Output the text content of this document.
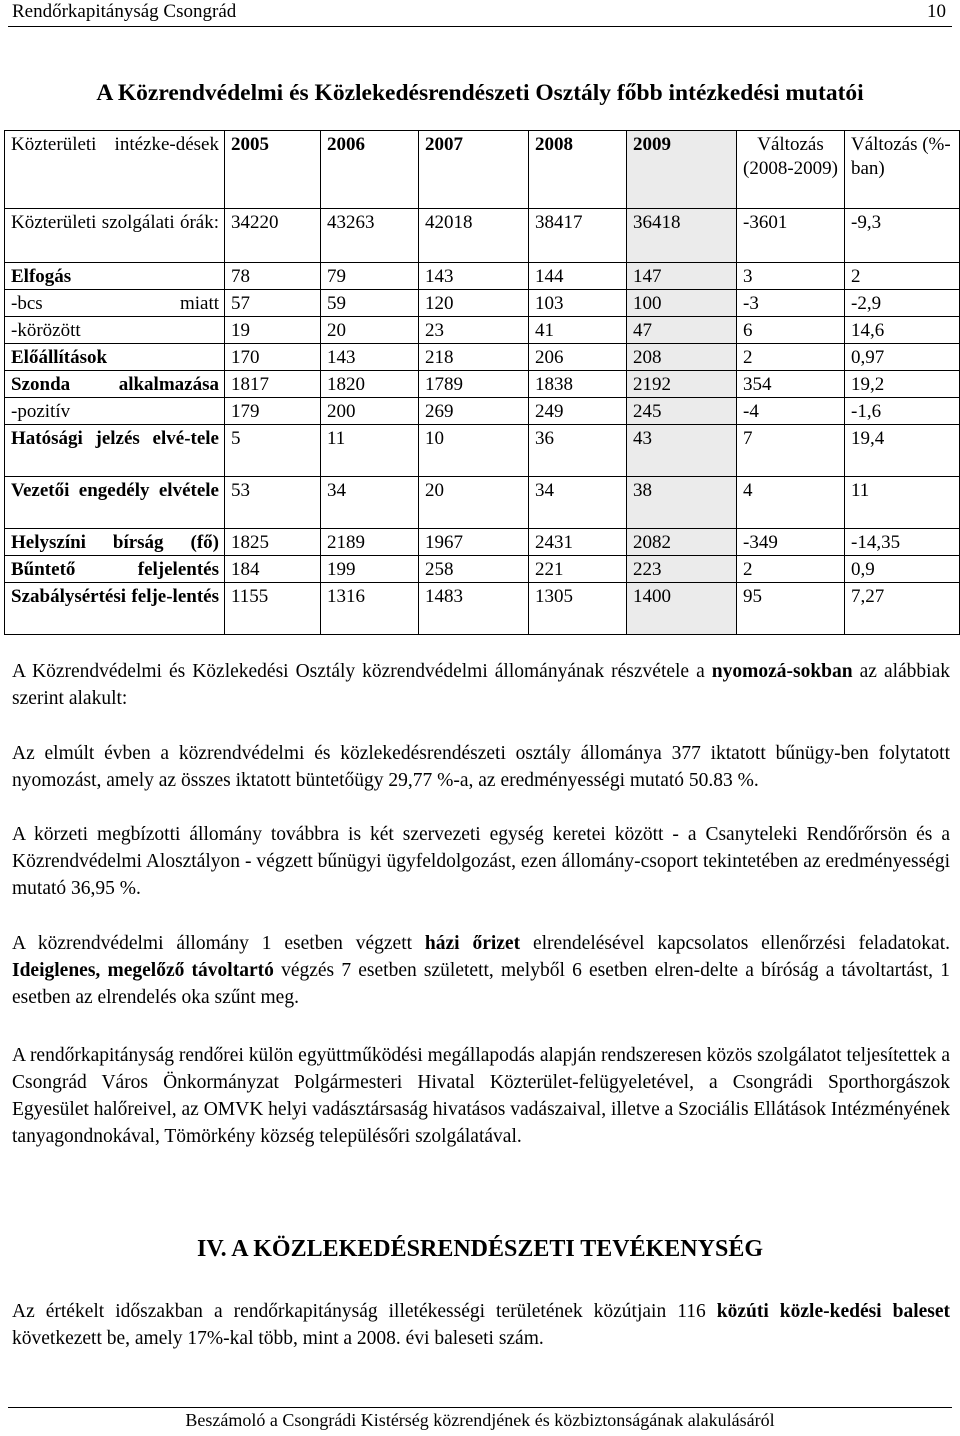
Rendőrkapitányság Csongrád	10
A Közrendvédelmi és Közlekedésrendészeti Osztály főbb intézkedési mutatói
Közterületi intézke-dések	2005	2006	2007	2008	2009	Változás (2008-2009)	Változás (%-ban)
Közterületi szolgálati órák:	34220	43263	42018	38417	36418	-3601	-9,3
Elfogás	78	79	143	144	147	3	2
-bcs miatt	57	59	120	103	100	-3	-2,9
-körözött	19	20	23	41	47	6	14,6
Előállítások	170	143	218	206	208	2	0,97
Szonda alkalmazása	1817	1820	1789	1838	2192	354	19,2
-pozitív	179	200	269	249	245	-4	-1,6
Hatósági jelzés elvé-tele	5	11	10	36	43	7	19,4
Vezetői engedély elvétele	53	34	20	34	38	4	11
Helyszíni bírság (fő)	1825	2189	1967	2431	2082	-349	-14,35
Bűntető feljelentés	184	199	258	221	223	2	0,9
Szabálysértési felje-lentés	1155	1316	1483	1305	1400	95	7,27

A Közrendvédelmi és Közlekedési Osztály közrendvédelmi állományának részvétele a nyomozá-sokban az alábbiak szerint alakult:

Az elmúlt évben a közrendvédelmi és közlekedésrendészeti osztály állománya 377 iktatott bűnügy-ben folytatott nyomozást, amely az összes iktatott büntetőügy 29,77 %-a, az eredményességi mutató 50.83 %.

A körzeti megbízotti állomány továbbra is két szervezeti egység keretei között - a Csanyteleki Rendőrőrsön és a Közrendvédelmi Alosztályon - végzett bűnügyi ügyfeldolgozást, ezen állomány-csoport tekintetében az eredményességi mutató 36,95 %.

A közrendvédelmi állomány 1 esetben végzett házi őrizet elrendelésével kapcsolatos ellenőrzési feladatokat. Ideiglenes, megelőző távoltartó végzés 7 esetben született, melyből 6 esetben elren-delte a bíróság a távoltartást, 1 esetben az elrendelés oka szűnt meg.

A rendőrkapitányság rendőrei külön együttműködési megállapodás alapján rendszeresen közös szolgálatot teljesítettek a Csongrád Város Önkormányzat Polgármesteri Hivatal Közterület-felügyeletével, a Csongrádi Sporthorgászok Egyesület halőreivel, az OMVK helyi vadásztársaság hivatásos vadászaival, illetve a Szociális Ellátások Intézményének tanyagondnokával, Tömörkény község településőri szolgálatával.

IV. A KÖZLEKEDÉSRENDÉSZETI TEVÉKENYSÉG

Az értékelt időszakban a rendőrkapitányság illetékességi területének közútjain 116 közúti közle-kedési baleset következett be, amely 17%-kal több, mint a 2008. évi baleseti szám.

Beszámoló a Csongrádi Kistérség közrendjének és közbiztonságának alakulásáról
